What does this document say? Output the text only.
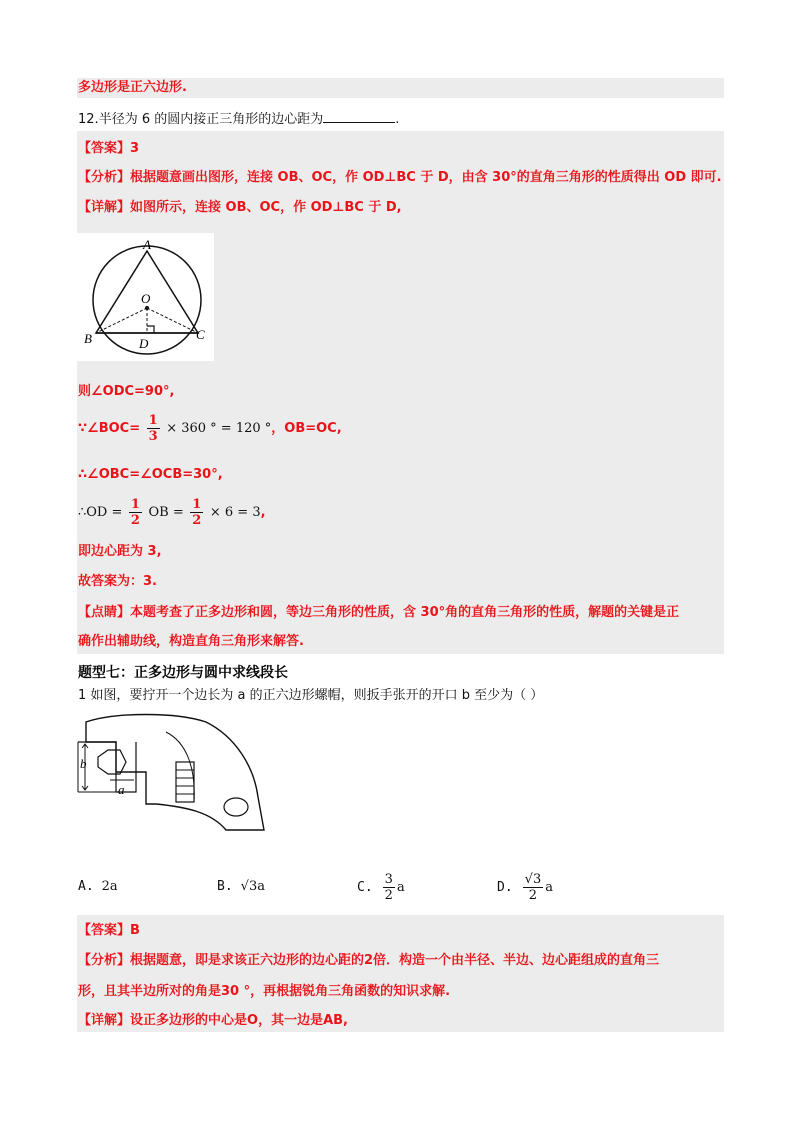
多边形是正六边形.
12.半径为 6 的圆内接正三角形的边心距为	.
【答案】3
【分析】根据题意画出图形，连接 OB、OC，作 OD⊥BC 于 D，由含 30°的直角三角形的性质得出 OD 即可.
【详解】如图所示，连接 OB、OC，作 OD⊥BC 于 D,
A
O
B	C
D
则∠ODC=90°,
∵∠BOC= $\frac{1}{3} \times 360$ ° = 120 °，OB=OC,
∴∠OBC=∠OCB=30°,
∴OD = $\frac{1}{2}$ OB = $\frac{1}{2} \times 6 = 3$,
即边心距为 3,
故答案为：3.
【点睛】本题考查了正多边形和圆，等边三角形的性质，含 30°角的直角三角形的性质，解题的关键是正
确作出辅助线，构造直角三角形来解答.
题型七：正多边形与圆中求线段长
1 如图，要拧开一个边长为 a 的正六边形螺帽，则扳手张开的开口 b 至少为（ ）
b
a
A. 2a	B. √3a	C. $\frac{3}{2}$ a	D. $\frac{√3}{2}$ a
【答案】B
【分析】根据题意，即是求该正六边形的边心距的2倍．构造一个由半径、半边、边心距组成的直角三
形，且其半边所对的角是30 °，再根据锐角三角函数的知识求解.
【详解】设正多边形的中心是O，其一边是AB,
